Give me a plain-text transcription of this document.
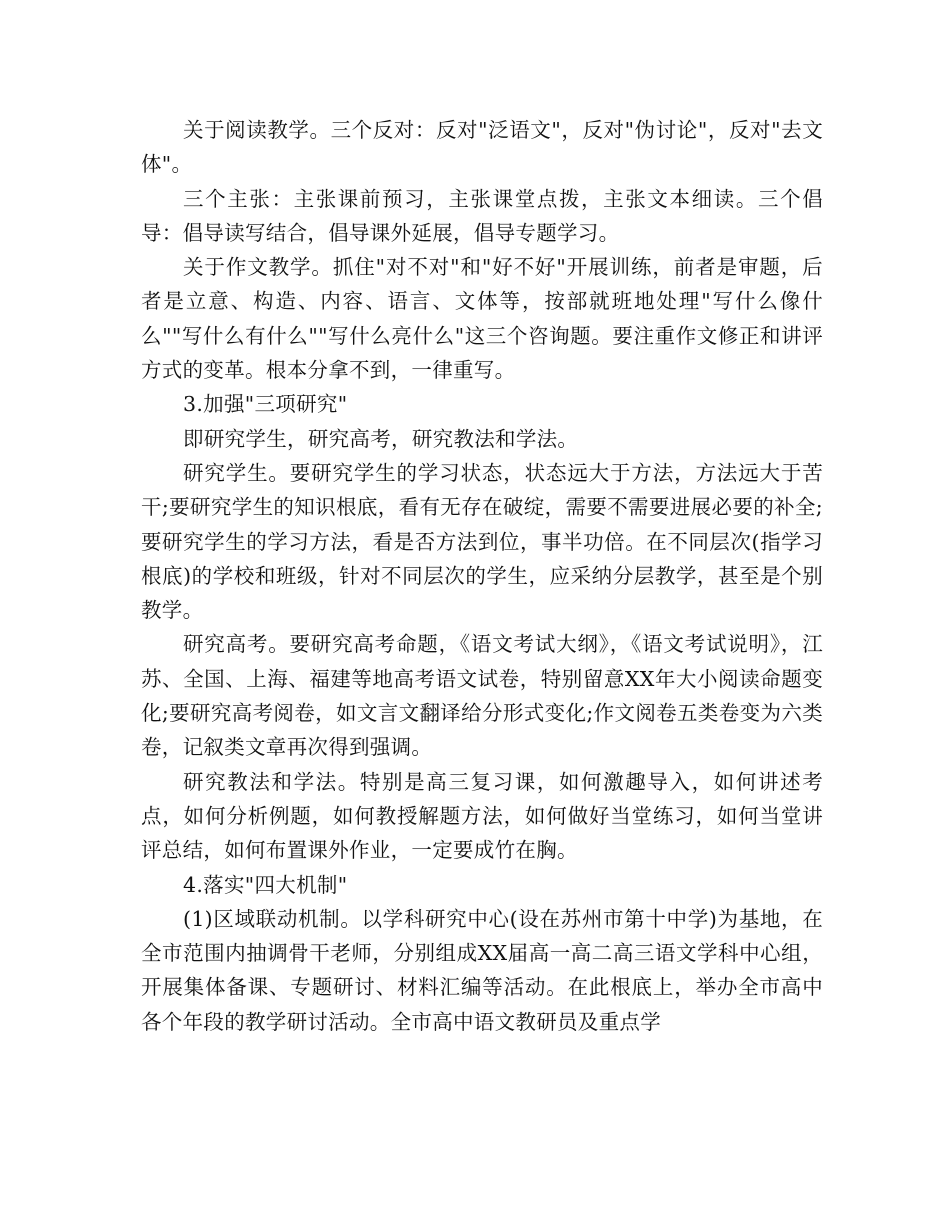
关于阅读教学。三个反对：反对"泛语文"，反对"伪讨论"，反对"去文体"。

三个主张：主张课前预习，主张课堂点拨，主张文本细读。三个倡导：倡导读写结合，倡导课外延展，倡导专题学习。

关于作文教学。抓住"对不对"和"好不好"开展训练，前者是审题，后者是立意、构造、内容、语言、文体等，按部就班地处理"写什么像什么""写什么有什么""写什么亮什么"这三个咨询题。要注重作文修正和讲评方式的变革。根本分拿不到，一律重写。

3.加强"三项研究"

即研究学生，研究高考，研究教法和学法。

研究学生。要研究学生的学习状态，状态远大于方法，方法远大于苦干;要研究学生的知识根底，看有无存在破绽，需要不需要进展必要的补全;要研究学生的学习方法，看是否方法到位，事半功倍。在不同层次(指学习根底)的学校和班级，针对不同层次的学生，应采纳分层教学，甚至是个别教学。

研究高考。要研究高考命题，《语文考试大纲》，《语文考试说明》，江苏、全国、上海、福建等地高考语文试卷，特别留意XX年大小阅读命题变化;要研究高考阅卷，如文言文翻译给分形式变化;作文阅卷五类卷变为六类卷，记叙类文章再次得到强调。

研究教法和学法。特别是高三复习课，如何激趣导入，如何讲述考点，如何分析例题，如何教授解题方法，如何做好当堂练习，如何当堂讲评总结，如何布置课外作业，一定要成竹在胸。

4.落实"四大机制"

(1)区域联动机制。以学科研究中心(设在苏州市第十中学)为基地，在全市范围内抽调骨干老师，分别组成XX届高一高二高三语文学科中心组，开展集体备课、专题研讨、材料汇编等活动。在此根底上，举办全市高中各个年段的教学研讨活动。全市高中语文教研员及重点学
